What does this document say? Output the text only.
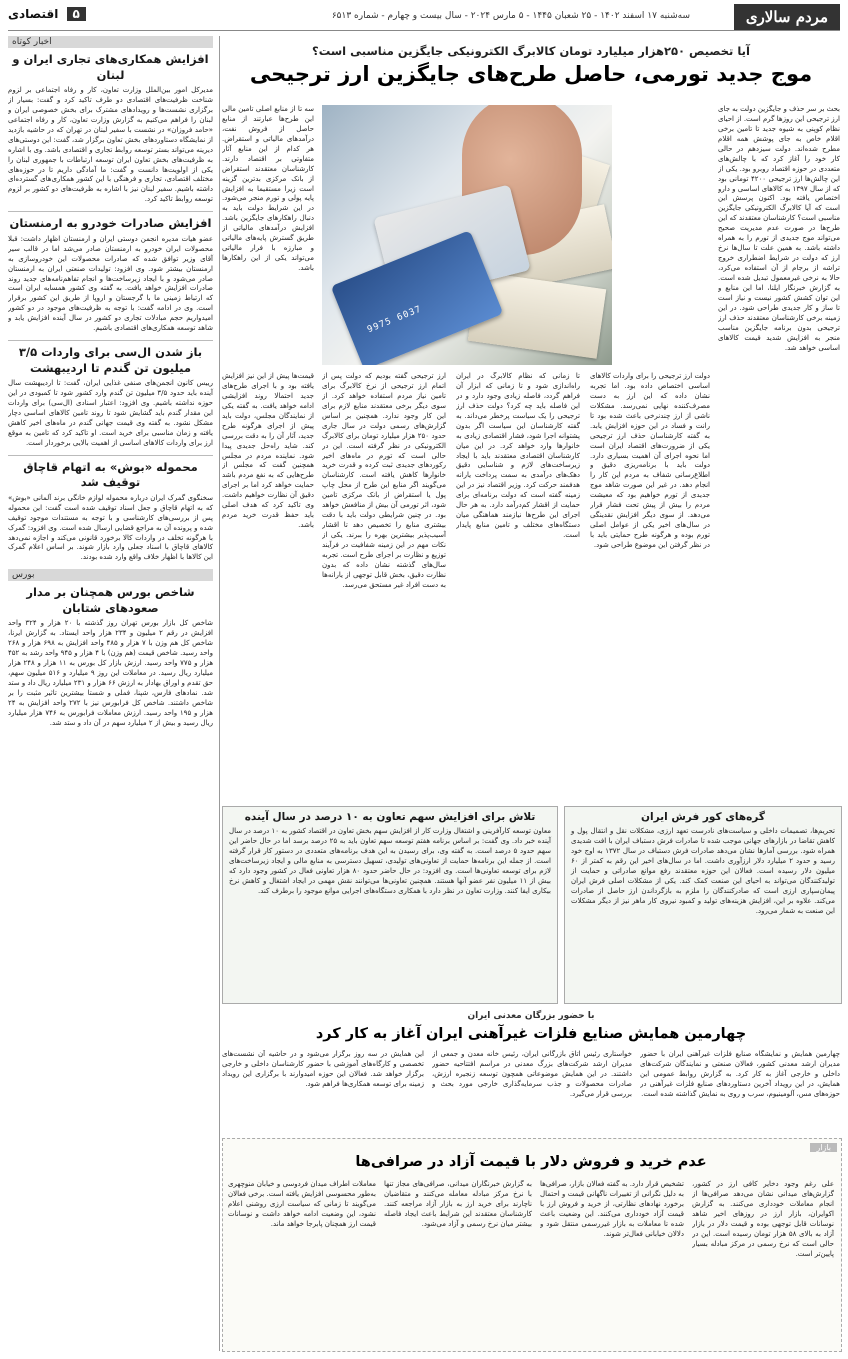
مردم سالاری
سه‌شنبه ۱۷ اسفند ۱۴۰۲ - ۲۵ شعبان ۱۴۴۵ - ۵ مارس ۲۰۲۴ - سال بیست و چهارم - شماره ۶۵۱۳
۵ اقتصادی
اخبار کوتاه
افزایش همکاری‌های تجاری ایران و لبنان

مدیرکل امور بین‌الملل وزارت تعاون، کار و رفاه اجتماعی بر لزوم شناخت ظرفیت‌های اقتصادی دو طرف تاکید کرد و گفت: بسیار از برگزاری نشست‌ها و رویدادهای مشترک برای بخش خصوصی ایران و لبنان را فراهم می‌کنیم به گزارش وزارت تعاون، کار و رفاه اجتماعی «حامد فروزان» در نشست با سفیر لبنان در تهران که در حاشیه بازدید از نمایشگاه دستاوردهای بخش تعاون برگزار شد، گفت: این دوستی‌های دیرینه می‌تواند بستر توسعه روابط تجاری و اقتصادی باشد. وی با اشاره به ظرفیت‌های بخش تعاون ایران توسعه ارتباطات با جمهوری لبنان را یکی از اولویت‌ها دانست و گفت: ما آمادگی داریم تا در حوزه‌های مختلف اقتصادی، تجاری و فرهنگی با این کشور همکاری‌های گسترده‌ای داشته باشیم. سفیر لبنان نیز با اشاره به ظرفیت‌های دو کشور بر لزوم توسعه روابط تاکید کرد.

افزایش صادرات خودرو به ارمنستان

عضو هیات مدیره انجمن دوستی ایران و ارمنستان اظهار داشت: قبلا محصولات ایران خودرو به ارمنستان صادر می‌شد اما در قالب سیر آقای وزیر توافق شده که صادرات محصولات این خودروسازی به ارمنستان بیشتر شود. وی افزود: تولیدات صنعتی ایران به ارمنستان صادر می‌شود و با ایجاد زیرساخت‌ها و انجام تفاهم‌نامه‌های جدید روند صادرات افزایش خواهد یافت. به گفته وی کشور همسایه ایران است که ارتباط زمینی ما با گرجستان و اروپا از طریق این کشور برقرار است. وی در ادامه گفت: با توجه به ظرفیت‌های موجود در دو کشور امیدواریم حجم مبادلات تجاری دو کشور در سال آینده افزایش یابد و شاهد توسعه همکاری‌های اقتصادی باشیم.

باز شدن ال‌سی برای واردات ۳/۵ میلیون تن گندم تا اردیبهشت

رییس کانون انجمن‌های صنفی غذایی ایران، گفت: تا اردیبهشت سال آینده باید حدود ۳/۵ میلیون تن گندم وارد کشور شود تا کمبودی در این حوزه نداشته باشیم. وی افزود: اعتبار اسنادی (ال‌سی) برای واردات این مقدار گندم باید گشایش شود تا روند تامین کالاهای اساسی دچار مشکل نشود. به گفته وی قیمت جهانی گندم در ماه‌های اخیر کاهش یافته و زمان مناسبی برای خرید است. او تاکید کرد که تامین به موقع ارز برای واردات کالاهای اساسی از اهمیت بالایی برخوردار است.

محموله «بوش» به اتهام قاچاق توقیف شد

سخنگوی گمرک ایران درباره محموله لوازم خانگی برند آلمانی «بوش» که به اتهام قاچاق و جعل اسناد توقیف شده است گفت: این محموله پس از بررسی‌های کارشناسی و با توجه به مستندات موجود توقیف شده و پرونده آن به مراجع قضایی ارسال شده است. وی افزود: گمرک با هرگونه تخلف در واردات کالا برخورد قانونی می‌کند و اجازه نمی‌دهد کالاهای قاچاق با اسناد جعلی وارد بازار شوند. بر اساس اعلام گمرک این کالاها با اظهار خلاف واقع وارد شده بودند.

بورس
شاخص بورس همچنان بر مدار صعودهای شتابان

شاخص کل بازار بورس تهران روز گذشته با ۲۰ هزار و ۳۲۴ واحد افزایش در رقم ۲ میلیون و ۲۳۴ هزار واحد ایستاد. به گزارش ایرنا، شاخص کل هم وزن با ۷ هزار و ۴۸۵ واحد افزایش به ۶۹۸ هزار و ۲۶۸ واحد رسید. شاخص قیمت (هم وزن) با ۴ هزار و ۹۴۵ واحد رشد به ۴۵۲ هزار و ۷۷۵ واحد رسید. ارزش بازار کل بورس به ۱۱ هزار و ۲۴۸ هزار میلیارد ریال رسید. در معاملات این روز ۹ میلیارد و ۵۱۶ میلیون سهم، حق تقدم و اوراق بهادار به ارزش ۶۶ هزار و ۲۳۱ میلیارد ریال داد و ستد شد. نمادهای فارس، شپنا، فملی و شستا بیشترین تاثیر مثبت را بر شاخص داشتند. شاخص کل فرابورس نیز با ۲۷۲ واحد افزایش به ۲۴ هزار و ۱۹۵ واحد رسید. ارزش معاملات فرابورس به ۷۴۶ هزار میلیارد ریال رسید و بیش از ۲ میلیارد سهم در آن داد و ستد شد.

آیا تخصیص ۲۵۰هزار میلیارد تومان کالابرگ الکترونیکی جایگزین مناسبی است؟
موج جدید تورمی، حاصل طرح‌های جایگزین ارز ترجیحی
6037 9975
بحث بر سر حذف و جایگزین دولت به جای ارز ترجیحی این روزها گرم است. از احیای نظام کوپنی به شیوه جدید تا تامین برخی اقلام خاص به جای پوشش همه اقلام مطرح شده‌اند. دولت سیزدهم در حالی کار خود را آغاز کرد که با چالش‌های متعددی در حوزه اقتصاد روبرو بود. یکی از این چالش‌ها ارز ترجیحی ۴۲۰۰ تومانی بود که از سال ۱۳۹۷ به کالاهای اساسی و دارو اختصاص یافته بود. اکنون پرسش این است که آیا کالابرگ الکترونیکی جایگزین مناسبی است؟ کارشناسان معتقدند که این طرح‌ها در صورت عدم مدیریت صحیح می‌تواند موج جدیدی از تورم را به همراه داشته باشد. به همین علت تا سال‌ها نرخ ارز که دولت در شرایط اضطراری خروج تراشه از برجام از آن استفاده می‌کرد، حالا به نرخی غیرمعمول تبدیل شده است. به گزارش خبرنگار ایلنا، اما این منابع و این توان کشش کشور نیست و نیاز است تا ساز و کار جدیدی طراحی شود. در این زمینه برخی کارشناسان معتقدند حذف ارز ترجیحی بدون برنامه جایگزین مناسب منجر به افزایش شدید قیمت کالاهای اساسی خواهد شد.
ارز ترجیحی گفته بودیم که دولت پس از اتمام ارز ترجیحی از نرخ کالابرگ برای تامین نیاز مردم استفاده خواهد کرد. از سوی دیگر برخی معتقدند منابع لازم برای این کار وجود ندارد. همچنین بر اساس گزارش‌های رسمی دولت در سال جاری حدود ۲۵۰ هزار میلیارد تومان برای کالابرگ الکترونیکی در نظر گرفته است. این در حالی است که تورم در ماه‌های اخیر رکوردهای جدیدی ثبت کرده و قدرت خرید خانوارها کاهش یافته است. کارشناسان می‌گویند اگر منابع این طرح از محل چاپ پول یا استقراض از بانک مرکزی تامین شود، اثر تورمی آن بیش از منافعش خواهد بود. در چنین شرایطی دولت باید با دقت بیشتری منابع را تخصیص دهد تا اقشار آسیب‌پذیر بیشترین بهره را ببرند. یکی از نکات مهم در این زمینه شفافیت در فرآیند توزیع و نظارت بر اجرای طرح است. تجربه سال‌های گذشته نشان داده که بدون نظارت دقیق، بخش قابل توجهی از یارانه‌ها به دست افراد غیر مستحق می‌رسد.
تا زمانی که نظام کالابرگ در ایران راه‌اندازی شود و تا زمانی که ابزار آن فراهم گردد، فاصله زیادی وجود دارد و در این فاصله باید چه کرد؟ دولت حذف ارز ترجیحی را یک سیاست پرخطر می‌داند. به گفته کارشناسان این سیاست اگر بدون پشتوانه اجرا شود، فشار اقتصادی زیادی به خانوارها وارد خواهد کرد. در این میان کارشناسان اقتصادی معتقدند باید با ایجاد زیرساخت‌های لازم و شناسایی دقیق دهک‌های درآمدی به سمت پرداخت یارانه هدفمند حرکت کرد. وزیر اقتصاد نیز در این زمینه گفته است که دولت برنامه‌ای برای حمایت از اقشار کم‌درآمد دارد. به هر حال اجرای این طرح‌ها نیازمند هماهنگی میان دستگاه‌های مختلف و تامین منابع پایدار است.
دولت ارز ترجیحی را برای واردات کالاهای اساسی اختصاص داده بود. اما تجربه نشان داده که این ارز به دست مصرف‌کننده نهایی نمی‌رسد. مشکلات ناشی از ارز چندنرخی باعث شده بود تا رانت و فساد در این حوزه افزایش یابد. به گفته کارشناسان حذف ارز ترجیحی یکی از ضرورت‌های اقتصاد ایران است اما نحوه اجرای آن اهمیت بسیاری دارد. دولت باید با برنامه‌ریزی دقیق و اطلاع‌رسانی شفاف به مردم این کار را انجام دهد. در غیر این صورت شاهد موج جدیدی از تورم خواهیم بود که معیشت مردم را بیش از پیش تحت فشار قرار می‌دهد. از سوی دیگر افزایش نقدینگی در سال‌های اخیر یکی از عوامل اصلی تورم بوده و هرگونه طرح حمایتی باید با در نظر گرفتن این موضوع طراحی شود.
سه تا از منابع اصلی تامین مالی این طرح‌ها عبارتند از منابع حاصل از فروش نفت، درآمدهای مالیاتی و استقراض. هر کدام از این منابع آثار متفاوتی بر اقتصاد دارند. کارشناسان معتقدند استقراض از بانک مرکزی بدترین گزینه است زیرا مستقیما به افزایش پایه پولی و تورم منجر می‌شود. در این شرایط دولت باید به دنبال راهکارهای جایگزین باشد. افزایش درآمدهای مالیاتی از طریق گسترش پایه‌های مالیاتی و مبارزه با فرار مالیاتی می‌تواند یکی از این راهکارها باشد.
قیمت‌ها پیش از این نیز افزایش یافته بود و با اجرای طرح‌های جدید احتمالا روند افزایشی ادامه خواهد یافت. به گفته یکی از نمایندگان مجلس، دولت باید پیش از اجرای هرگونه طرح جدید، آثار آن را به دقت بررسی کند. شاید راه‌حل جدیدی پیدا شود. نماینده مردم در مجلس همچنین گفت که مجلس از طرح‌هایی که به نفع مردم باشد حمایت خواهد کرد اما بر اجرای دقیق آن نظارت خواهیم داشت. وی تاکید کرد که هدف اصلی باید حفظ قدرت خرید مردم باشد.
گره‌های کور فرش ایران

تحریم‌ها، تصمیمات داخلی و سیاست‌های نادرست تعهد ارزی، مشکلات نقل و انتقال پول و کاهش تقاضا در بازارهای جهانی موجب شده تا صادرات فرش دستباف ایران با افت شدیدی همراه شود. بررسی آمارها نشان می‌دهد صادرات فرش دستباف در سال ۱۳۷۲ به اوج خود رسید و حدود ۲ میلیارد دلار ارزآوری داشت. اما در سال‌های اخیر این رقم به کمتر از ۶۰ میلیون دلار رسیده است. فعالان این حوزه معتقدند رفع موانع صادراتی و حمایت از تولیدکنندگان می‌تواند به احیای این صنعت کمک کند. یکی از مشکلات اصلی فرش ایران پیمان‌سپاری ارزی است که صادرکنندگان را ملزم به بازگرداندن ارز حاصل از صادرات می‌کند. علاوه بر این، افزایش هزینه‌های تولید و کمبود نیروی کار ماهر نیز از دیگر مشکلات این صنعت به شمار می‌رود.

تلاش برای افزایش سهم تعاون به ۱۰ درصد در سال آینده

معاون توسعه کارآفرینی و اشتغال وزارت کار از افزایش سهم بخش تعاون در اقتصاد کشور به ۱۰ درصد در سال آینده خبر داد. وی گفت: بر اساس برنامه هفتم توسعه سهم تعاون باید به ۲۵ درصد برسد اما در حال حاضر این سهم حدود ۵ درصد است. به گفته وی، برای رسیدن به این هدف برنامه‌های متعددی در دستور کار قرار گرفته است. از جمله این برنامه‌ها حمایت از تعاونی‌های تولیدی، تسهیل دسترسی به منابع مالی و ایجاد زیرساخت‌های لازم برای توسعه تعاونی‌ها است. وی افزود: در حال حاضر حدود ۸۰ هزار تعاونی فعال در کشور وجود دارد که بیش از ۱۱ میلیون نفر عضو آنها هستند. همچنین تعاونی‌ها می‌توانند نقش مهمی در ایجاد اشتغال و کاهش نرخ بیکاری ایفا کنند. وزارت تعاون در نظر دارد با همکاری دستگاه‌های اجرایی موانع موجود را برطرف کند.

با حضور بزرگان معدنی ایران
چهارمین همایش صنایع فلزات غیرآهنی ایران آغاز به کار کرد
چهارمین همایش و نمایشگاه صنایع فلزات غیرآهنی ایران با حضور مدیران ارشد معدنی کشور، فعالان صنعتی و نمایندگان شرکت‌های داخلی و خارجی آغاز به کار کرد. به گزارش روابط عمومی این همایش، در این رویداد آخرین دستاوردهای صنایع فلزات غیرآهنی در حوزه‌های مس، آلومینیوم، سرب و روی به نمایش گذاشته شده است.
خواستاری رئیس اتاق بازرگانی ایران، رئیس خانه معدن و جمعی از مدیران ارشد شرکت‌های بزرگ معدنی در مراسم افتتاحیه حضور داشتند. در این همایش موضوعاتی همچون توسعه زنجیره ارزش، صادرات محصولات و جذب سرمایه‌گذاری خارجی مورد بحث و بررسی قرار می‌گیرد.
این همایش در سه روز برگزار می‌شود و در حاشیه آن نشست‌های تخصصی و کارگاه‌های آموزشی با حضور کارشناسان داخلی و خارجی برگزار خواهد شد. فعالان این حوزه امیدوارند با برگزاری این رویداد زمینه برای توسعه همکاری‌ها فراهم شود.
بازار
عدم خرید و فروش دلار با قیمت آزاد در صرافی‌ها
علی رغم وجود دخایر کافی ارز در کشور، گزارش‌های میدانی نشان می‌دهد صرافی‌ها از انجام معاملات خودداری می‌کنند. به گزارش اکوایران، بازار ارز در روزهای اخیر شاهد نوسانات قابل توجهی بوده و قیمت دلار در بازار آزاد به بالای ۵۸ هزار تومان رسیده است. این در حالی است که نرخ رسمی در مرکز مبادله بسیار پایین‌تر است.
تشخیص قرار دارد. به گفته فعالان بازار، صرافی‌ها به دلیل نگرانی از تغییرات ناگهانی قیمت و احتمال برخورد نهادهای نظارتی، از خرید و فروش ارز با قیمت آزاد خودداری می‌کنند. این وضعیت باعث شده تا معاملات به بازار غیررسمی منتقل شود و دلالان خیابانی فعال‌تر شوند.
به گزارش خبرنگاران میدانی، صرافی‌های مجاز تنها با نرخ مرکز مبادله معامله می‌کنند و متقاضیان ناچارند برای خرید ارز به بازار آزاد مراجعه کنند. کارشناسان معتقدند این شرایط باعث ایجاد فاصله بیشتر میان نرخ رسمی و آزاد می‌شود.
معاملات اطراف میدان فردوسی و خیابان منوچهری به‌طور محسوسی افزایش یافته است. برخی فعالان می‌گویند تا زمانی که سیاست ارزی روشنی اعلام نشود، این وضعیت ادامه خواهد داشت و نوسانات قیمت ارز همچنان پابرجا خواهد ماند.
